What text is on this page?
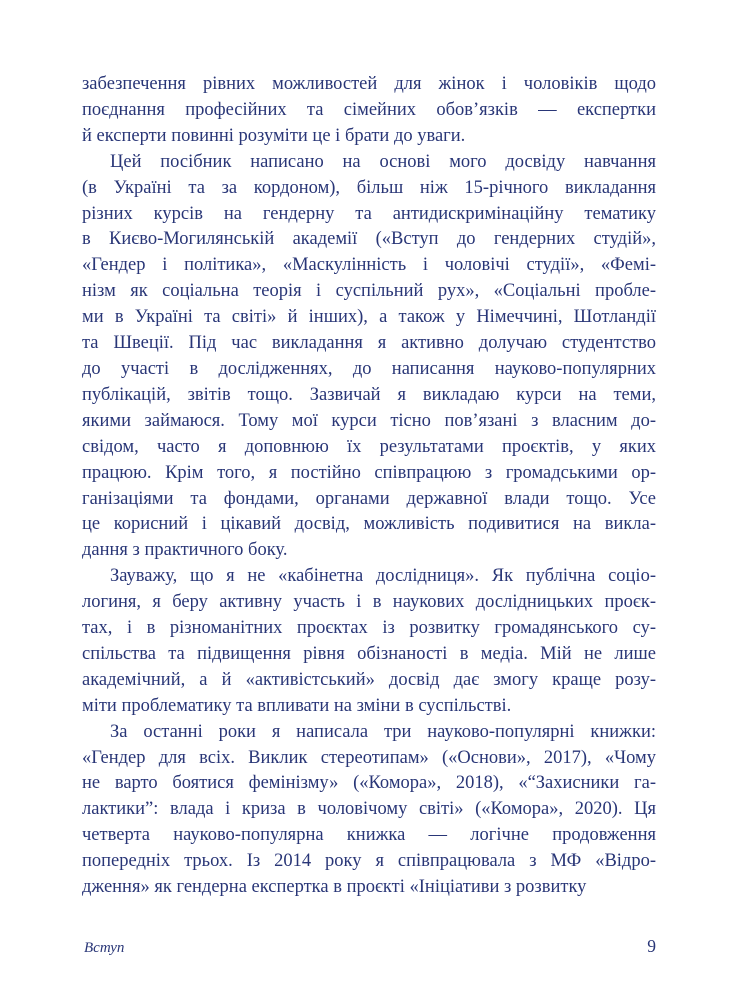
забезпечення рівних можливостей для жінок і чоловіків щодо
поєднання професійних та сімейних обов’язків — експертки
й експерти повинні розуміти це і брати до уваги.
Цей посібник написано на основі мого досвіду навчання
(в Україні та за кордоном), більш ніж 15-річного викладання
різних курсів на гендерну та антидискримінаційну тематику
в Києво-Могилянській академії («Вступ до гендерних студій»,
«Гендер і політика», «Маскулінність і чоловічі студії», «Фемі-
нізм як соціальна теорія і суспільний рух», «Соціальні пробле-
ми в Україні та світі» й інших), а також у Німеччині, Шотландії
та Швеції. Під час викладання я активно долучаю студентство
до участі в дослідженнях, до написання науково-популярних
публікацій, звітів тощо. Зазвичай я викладаю курси на теми,
якими займаюся. Тому мої курси тісно пов’язані з власним до-
свідом, часто я доповнюю їх результатами проєктів, у яких
працюю. Крім того, я постійно співпрацюю з громадськими ор-
ганізаціями та фондами, органами державної влади тощо. Усе
це корисний і цікавий досвід, можливість подивитися на викла-
дання з практичного боку.
Зауважу, що я не «кабінетна дослідниця». Як публічна соціо-
логиня, я беру активну участь і в наукових дослідницьких проєк-
тах, і в різноманітних проєктах із розвитку громадянського су-
спільства та підвищення рівня обізнаності в медіа. Мій не лише
академічний, а й «активістський» досвід дає змогу краще розу-
міти проблематику та впливати на зміни в суспільстві.
За останні роки я написала три науково-популярні книжки:
«Гендер для всіх. Виклик стереотипам» («Основи», 2017), «Чому
не варто боятися фемінізму» («Комора», 2018), «“Захисники га-
лактики”: влада і криза в чоловічому світі» («Комора», 2020). Ця
четверта науково-популярна книжка — логічне продовження
попередніх трьох. Із 2014 року я співпрацювала з МФ «Відро-
дження» як гендерна експертка в проєкті «Ініціативи з розвитку
Вступ	9
